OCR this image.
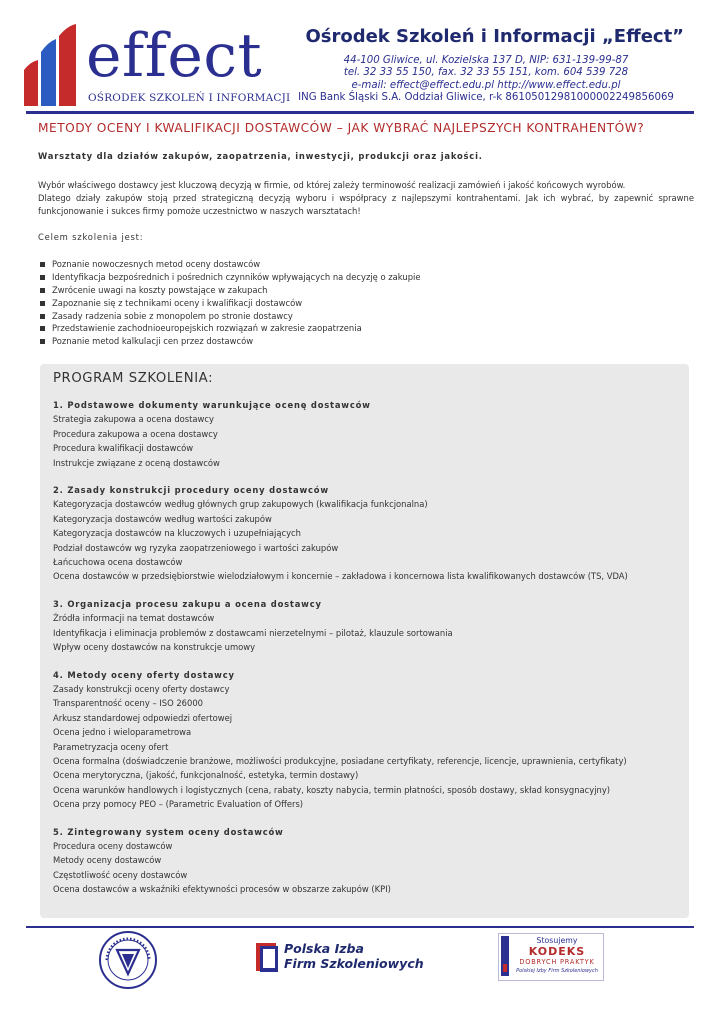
effect
OŚRODEK SZKOLEŃ I INFORMACJI
Ośrodek Szkoleń i Informacji „Effect”
44-100 Gliwice, ul. Kozielska 137 D, NIP: 631-139-99-87
tel. 32 33 55 150, fax. 32 33 55 151, kom. 604 539 728
e-mail: effect@effect.edu.pl http://www.effect.edu.pl
ING Bank Śląski S.A. Oddział Gliwice, r-k 86105012981000002249856069
METODY OCENY I KWALIFIKACJI DOSTAWCÓW – JAK WYBRAĆ NAJLEPSZYCH KONTRAHENTÓW?
Warsztaty dla działów zakupów, zaopatrzenia, inwestycji, produkcji oraz jakości.
Wybór właściwego dostawcy jest kluczową decyzją w firmie, od której zależy terminowość realizacji zamówień i jakość końcowych wyrobów.
Dlatego działy zakupów stoją przed strategiczną decyzją wyboru i współpracy z najlepszymi kontrahentami. Jak ich wybrać, by zapewnić sprawne funkcjonowanie i sukces firmy pomoże uczestnictwo w naszych warsztatach!
Celem szkolenia jest:
Poznanie nowoczesnych metod oceny dostawców
Identyfikacja bezpośrednich i pośrednich czynników wpływających na decyzję o zakupie
Zwrócenie uwagi na koszty powstające w zakupach
Zapoznanie się z technikami oceny i kwalifikacji dostawców
Zasady radzenia sobie z monopolem po stronie dostawcy
Przedstawienie zachodnioeuropejskich rozwiązań w zakresie zaopatrzenia
Poznanie metod kalkulacji cen przez dostawców
PROGRAM SZKOLENIA:
1. Podstawowe dokumenty warunkujące ocenę dostawców
Strategia zakupowa a ocena dostawcy
Procedura zakupowa a ocena dostawcy
Procedura kwalifikacji dostawców
Instrukcje związane z oceną dostawców
2. Zasady konstrukcji procedury oceny dostawców
Kategoryzacja dostawców według głównych grup zakupowych (kwalifikacja funkcjonalna)
Kategoryzacja dostawców według wartości zakupów
Kategoryzacja dostawców na kluczowych i uzupełniających
Podział dostawców wg ryzyka zaopatrzeniowego i wartości zakupów
Łańcuchowa ocena dostawców
Ocena dostawców w przedsiębiorstwie wielodziałowym i koncernie – zakładowa i koncernowa lista kwalifikowanych dostawców (TS, VDA)
3. Organizacja procesu zakupu a ocena dostawcy
Źródła informacji na temat dostawców
Identyfikacja i eliminacja problemów z dostawcami nierzetelnymi – pilotaż, klauzule sortowania
Wpływ oceny dostawców na konstrukcje umowy
4. Metody oceny oferty dostawcy
Zasady konstrukcji oceny oferty dostawcy
Transparentność oceny – ISO 26000
Arkusz standardowej odpowiedzi ofertowej
Ocena jedno i wieloparametrowa
Parametryzacja oceny ofert
Ocena formalna (doświadczenie branżowe, możliwości produkcyjne, posiadane certyfikaty, referencje, licencje, uprawnienia, certyfikaty)
Ocena merytoryczna, (jakość, funkcjonalność, estetyka, termin dostawy)
Ocena warunków handlowych i logistycznych (cena, rabaty, koszty nabycia, termin płatności, sposób dostawy, skład konsygnacyjny)
Ocena przy pomocy PEO – (Parametric Evaluation of Offers)
5. Zintegrowany system oceny dostawców
Procedura oceny dostawców
Metody oceny dostawców
Częstotliwość oceny dostawców
Ocena dostawców a wskaźniki efektywności procesów w obszarze zakupów (KPI)
Polska Izba
Firm Szkoleniowych
Stosujemy
KODEKS
DOBRYCH PRAKTYK
Polskiej Izby Firm Szkoleniowych
